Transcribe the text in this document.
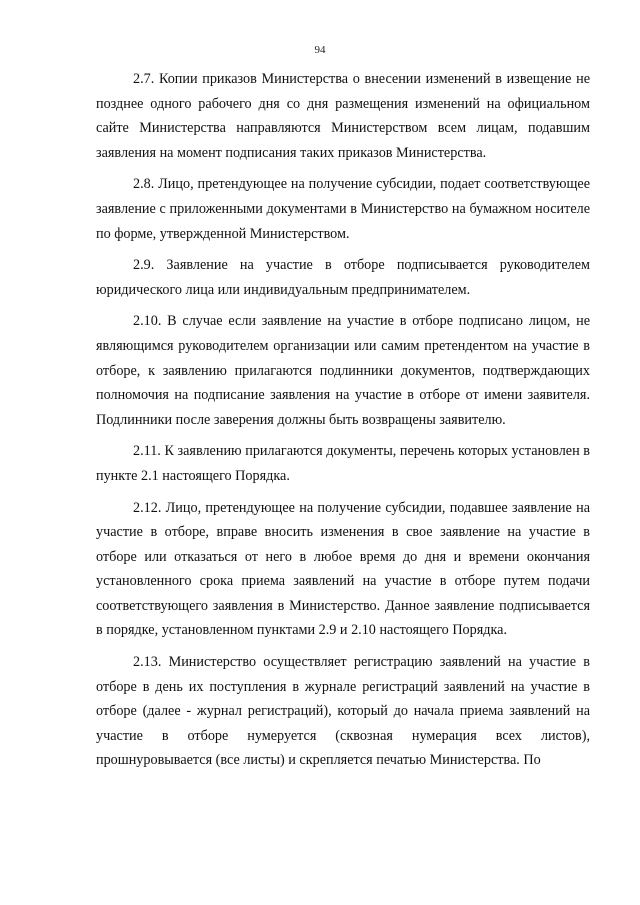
94

2.7. Копии приказов Министерства о внесении изменений в извещение не позднее одного рабочего дня со дня размещения изменений на официальном сайте Министерства направляются Министерством всем лицам, подавшим заявления на момент подписания таких приказов Министерства.

2.8. Лицо, претендующее на получение субсидии, подает соответствующее заявление с приложенными документами в Министерство на бумажном носителе по форме, утвержденной Министерством.

2.9. Заявление на участие в отборе подписывается руководителем юридического лица или индивидуальным предпринимателем.

2.10. В случае если заявление на участие в отборе подписано лицом, не являющимся руководителем организации или самим претендентом на участие в отборе, к заявлению прилагаются подлинники документов, подтверждающих полномочия на подписание заявления на участие в отборе от имени заявителя. Подлинники после заверения должны быть возвращены заявителю.

2.11. К заявлению прилагаются документы, перечень которых установлен в пункте 2.1 настоящего Порядка.

2.12. Лицо, претендующее на получение субсидии, подавшее заявление на участие в отборе, вправе вносить изменения в свое заявление на участие в отборе или отказаться от него в любое время до дня и времени окончания установленного срока приема заявлений на участие в отборе путем подачи соответствующего заявления в Министерство. Данное заявление подписывается в порядке, установленном пунктами 2.9 и 2.10 настоящего Порядка.

2.13. Министерство осуществляет регистрацию заявлений на участие в отборе в день их поступления в журнале регистраций заявлений на участие в отборе (далее - журнал регистраций), который до начала приема заявлений на участие в отборе нумеруется (сквозная нумерация всех листов), прошнуровывается (все листы) и скрепляется печатью Министерства. По
